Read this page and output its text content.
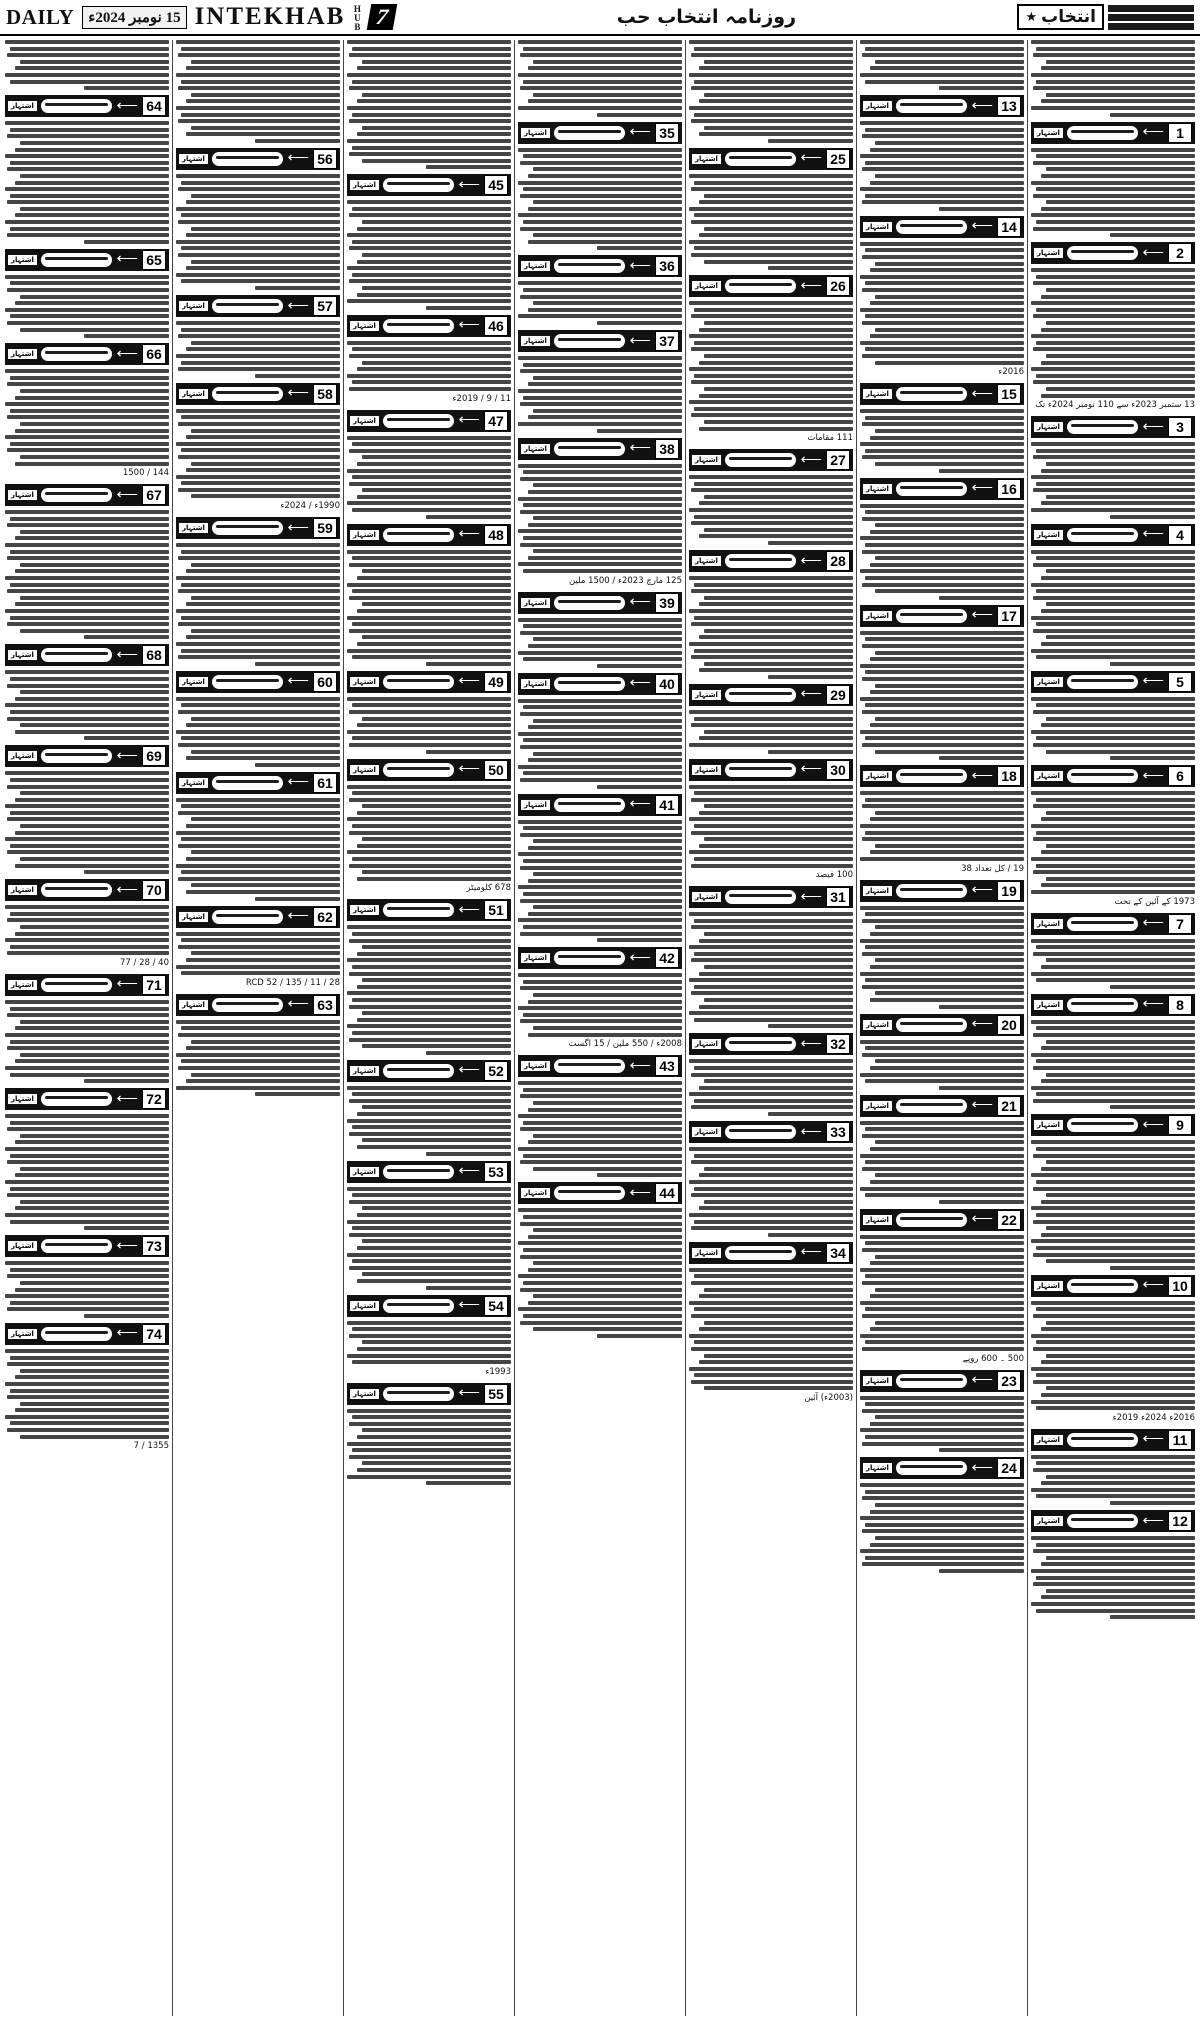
DAILY 15 نومبر 2024ء INTEKHAB HUB 7	روزنامہ انتخاب حب	★ انتخاب
1
⟵
اشتہار
2
⟵
اشتہار
13 ستمبر 2023ء سے 110 نومبر 2024ء تک
3
⟵
اشتہار
4
⟵
اشتہار
5
⟵
اشتہار
6
⟵
اشتہار
1973 کے آئین کے تحت
7
⟵
اشتہار
8
⟵
اشتہار
9
⟵
اشتہار
10
⟵
اشتہار
2016ء 2024ء 2019ء
11
⟵
اشتہار
12
⟵
اشتہار
13
⟵
اشتہار
14
⟵
اشتہار
2016ء
15
⟵
اشتہار
16
⟵
اشتہار
17
⟵
اشتہار
18
⟵
اشتہار
19 / کل تعداد 38
19
⟵
اشتہار
20
⟵
اشتہار
21
⟵
اشتہار
22
⟵
اشتہار
500 ۔ 600 روپے
23
⟵
اشتہار
24
⟵
اشتہار
25
⟵
اشتہار
26
⟵
اشتہار
111 مقامات
27
⟵
اشتہار
28
⟵
اشتہار
29
⟵
اشتہار
30
⟵
اشتہار
100 فیصد
31
⟵
اشتہار
32
⟵
اشتہار
33
⟵
اشتہار
34
⟵
اشتہار
(2003ء) آئین
35
⟵
اشتہار
36
⟵
اشتہار
37
⟵
اشتہار
38
⟵
اشتہار
125 مارچ 2023ء / 1500 ملین
39
⟵
اشتہار
40
⟵
اشتہار
41
⟵
اشتہار
42
⟵
اشتہار
2008ء / 550 ملین / 15 اگست
43
⟵
اشتہار
44
⟵
اشتہار
45
⟵
اشتہار
46
⟵
اشتہار
11 / 9 / 2019ء
47
⟵
اشتہار
48
⟵
اشتہار
49
⟵
اشتہار
50
⟵
اشتہار
678 کلومیٹر
51
⟵
اشتہار
52
⟵
اشتہار
53
⟵
اشتہار
54
⟵
اشتہار
1993ء
55
⟵
اشتہار
56
⟵
اشتہار
57
⟵
اشتہار
58
⟵
اشتہار
1990ء / 2024ء
59
⟵
اشتہار
60
⟵
اشتہار
61
⟵
اشتہار
62
⟵
اشتہار
RCD 52 / 135 / 11 / 28
63
⟵
اشتہار
64
⟵
اشتہار
65
⟵
اشتہار
66
⟵
اشتہار
144 / 1500
67
⟵
اشتہار
68
⟵
اشتہار
69
⟵
اشتہار
70
⟵
اشتہار
40 / 28 / 77
71
⟵
اشتہار
72
⟵
اشتہار
73
⟵
اشتہار
74
⟵
اشتہار
1355 / 7
